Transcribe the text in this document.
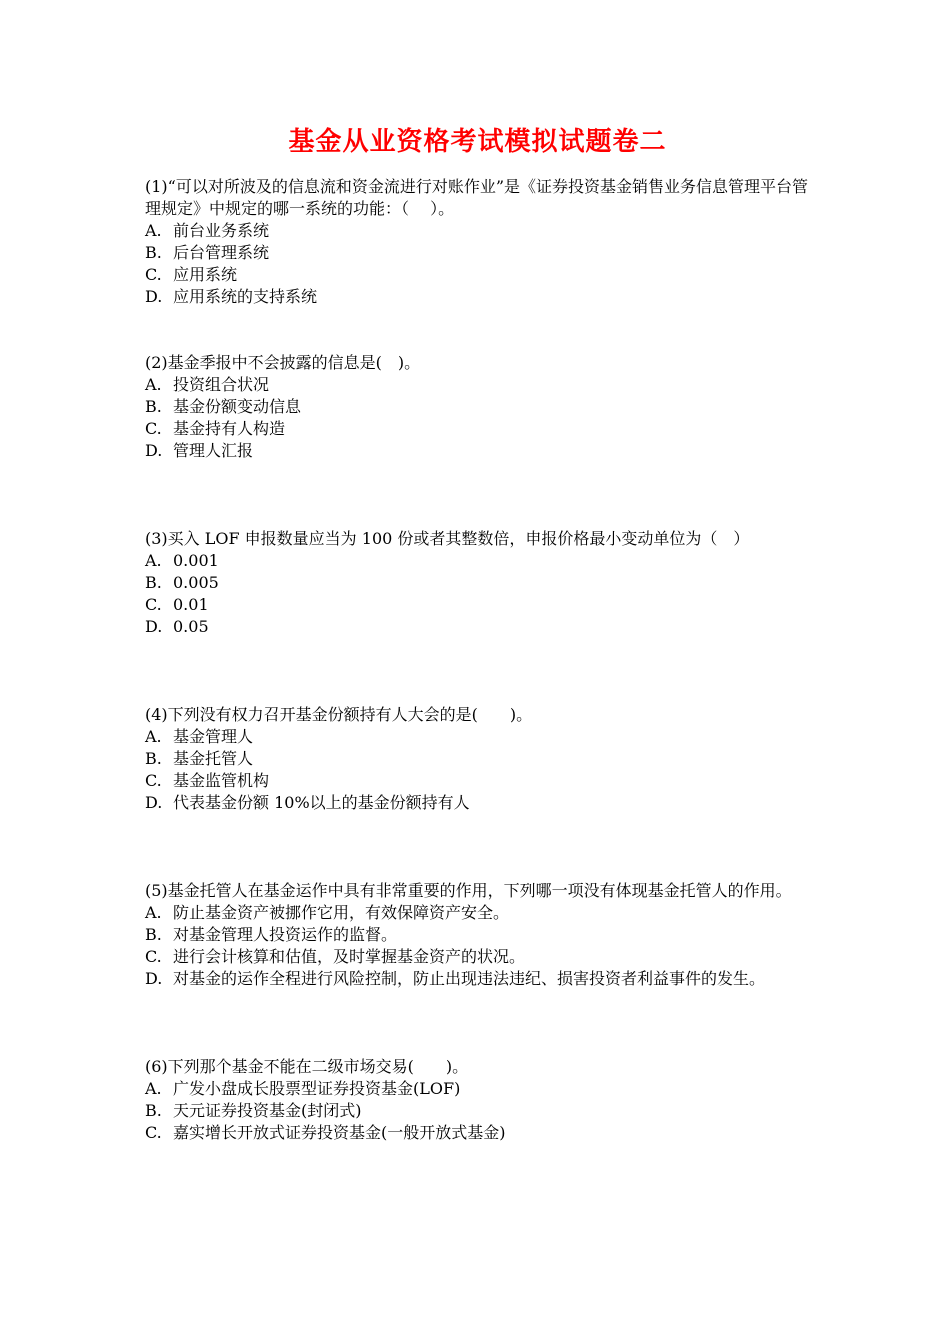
基金从业资格考试模拟试题卷二

(1)“可以对所波及的信息流和资金流进行对账作业”是《证券投资基金销售业务信息管理平台管理规定》中规定的哪一系统的功能：（　 ）。

A. 前台业务系统

B. 后台管理系统

C. 应用系统

D. 应用系统的支持系统

(2)基金季报中不会披露的信息是(　)。

A. 投资组合状况

B. 基金份额变动信息

C. 基金持有人构造

D. 管理人汇报

(3)买入 LOF 申报数量应当为 100 份或者其整数倍，申报价格最小变动单位为（　）

A. 0.001

B. 0.005

C. 0.01

D. 0.05

(4)下列没有权力召开基金份额持有人大会的是(　　)。

A. 基金管理人

B. 基金托管人

C. 基金监管机构

D. 代表基金份额 10%以上的基金份额持有人

(5)基金托管人在基金运作中具有非常重要的作用，下列哪一项没有体现基金托管人的作用。

A. 防止基金资产被挪作它用，有效保障资产安全。

B. 对基金管理人投资运作的监督。

C. 进行会计核算和估值，及时掌握基金资产的状况。

D. 对基金的运作全程进行风险控制，防止出现违法违纪、损害投资者利益事件的发生。

(6)下列那个基金不能在二级市场交易(　　)。

A. 广发小盘成长股票型证券投资基金(LOF)

B. 天元证券投资基金(封闭式)

C. 嘉实增长开放式证券投资基金(一般开放式基金)
